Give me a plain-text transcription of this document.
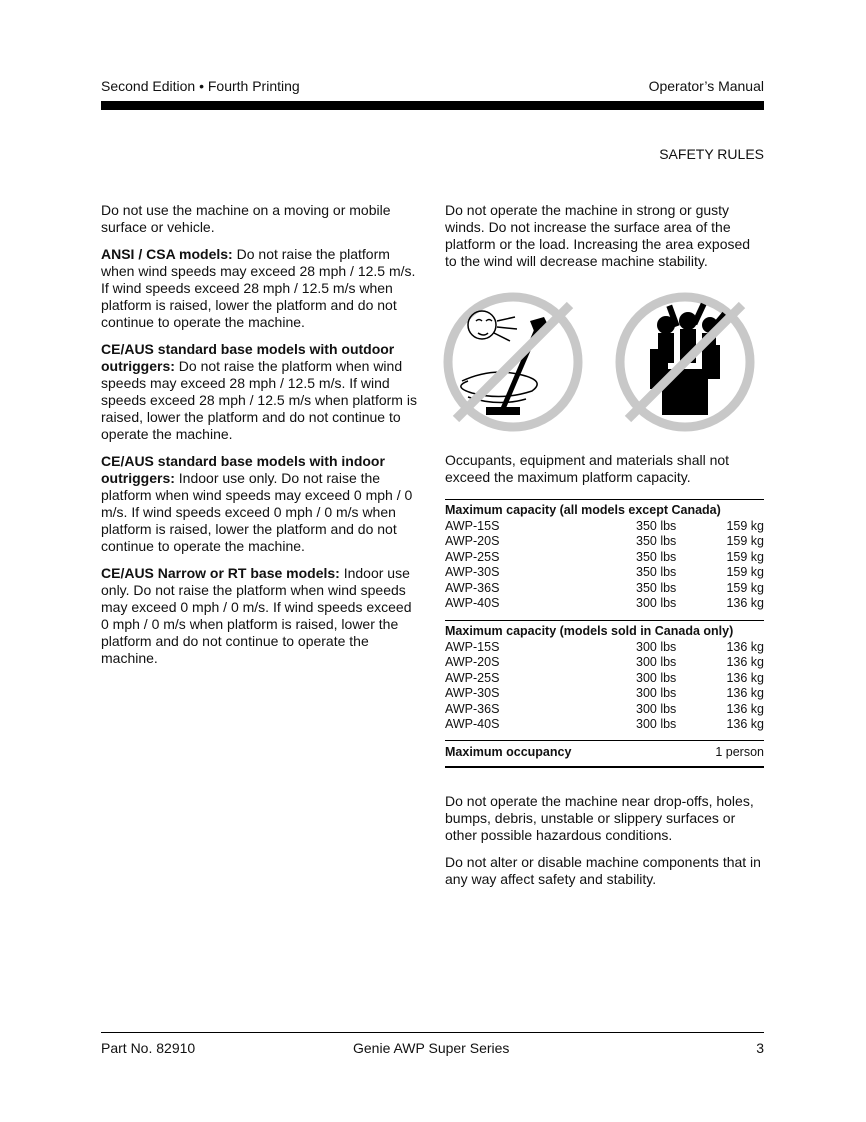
Second Edition • Fourth Printing	Operator’s Manual
SAFETY RULES

Do not use the machine on a moving or mobile surface or vehicle.

ANSI / CSA models: Do not raise the platform when wind speeds may exceed 28 mph / 12.5 m/s. If wind speeds exceed 28 mph / 12.5 m/s when platform is raised, lower the platform and do not continue to operate the machine.

CE/AUS standard base models with outdoor outriggers: Do not raise the platform when wind speeds may exceed 28 mph / 12.5 m/s. If wind speeds exceed 28 mph / 12.5 m/s when platform is raised, lower the platform and do not continue to operate the machine.

CE/AUS standard base models with indoor outriggers: Indoor use only. Do not raise the platform when wind speeds may exceed 0 mph / 0 m/s. If wind speeds exceed 0 mph / 0 m/s when platform is raised, lower the platform and do not continue to operate the machine.

CE/AUS Narrow or RT base models: Indoor use only. Do not raise the platform when wind speeds may exceed 0 mph / 0 m/s. If wind speeds exceed 0 mph / 0 m/s when platform is raised, lower the platform and do not continue to operate the machine.

Do not operate the machine in strong or gusty winds. Do not increase the surface area of the platform or the load. Increasing the area exposed to the wind will decrease machine stability.
Occupants, equipment and materials shall not exceed the maximum platform capacity.
Maximum capacity (all models except Canada)
AWP-15S	350 lbs	159 kg
AWP-20S	350 lbs	159 kg
AWP-25S	350 lbs	159 kg
AWP-30S	350 lbs	159 kg
AWP-36S	350 lbs	159 kg
AWP-40S	300 lbs	136 kg
Maximum capacity (models sold in Canada only)
AWP-15S	300 lbs	136 kg
AWP-20S	300 lbs	136 kg
AWP-25S	300 lbs	136 kg
AWP-30S	300 lbs	136 kg
AWP-36S	300 lbs	136 kg
AWP-40S	300 lbs	136 kg
Maximum occupancy	1 person

Do not operate the machine near drop-offs, holes, bumps, debris, unstable or slippery surfaces or other possible hazardous conditions.

Do not alter or disable machine components that in any way affect safety and stability.

Part No. 82910	Genie AWP Super Series	3
